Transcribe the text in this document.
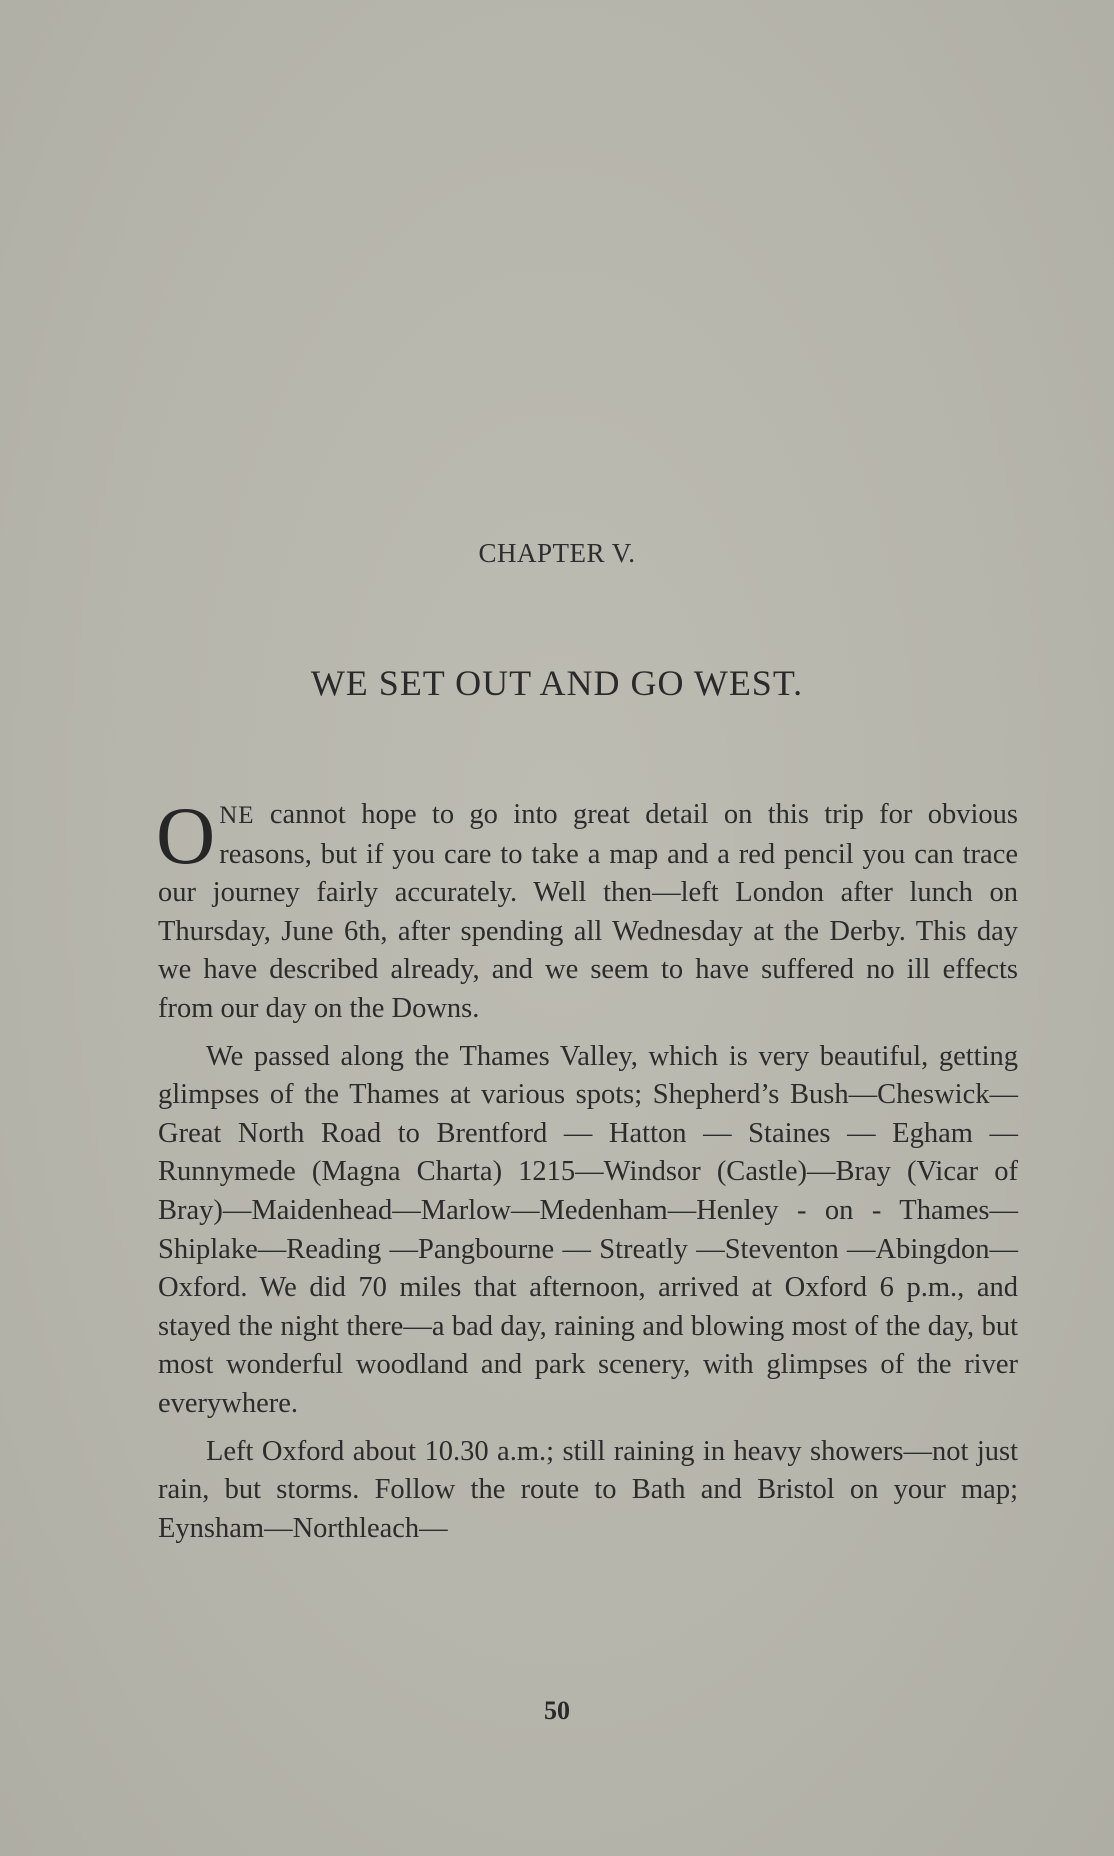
CHAPTER V.
WE SET OUT AND GO WEST.

ONE cannot hope to go into great detail on this trip for obvious reasons, but if you care to take a map and a red pencil you can trace our journey fairly accurately. Well then—left London after lunch on Thursday, June 6th, after spending all Wednesday at the Derby. This day we have described already, and we seem to have suffered no ill effects from our day on the Downs.

We passed along the Thames Valley, which is very beautiful, getting glimpses of the Thames at various spots; Shepherd’s Bush—Cheswick—Great North Road to Brentford — Hatton — Staines — Egham — Runnymede (Magna Charta) 1215—Windsor (Castle)—Bray (Vicar of Bray)—Maidenhead—Marlow—Medenham—Henley - on - Thames—Shiplake—Reading —Pangbourne — Streatly —Steventon —Abingdon—Oxford. We did 70 miles that afternoon, arrived at Oxford 6 p.m., and stayed the night there—a bad day, raining and blowing most of the day, but most wonderful woodland and park scenery, with glimpses of the river everywhere.

Left Oxford about 10.30 a.m.; still raining in heavy showers—not just rain, but storms. Follow the route to Bath and Bristol on your map; Eynsham—Northleach—

50
